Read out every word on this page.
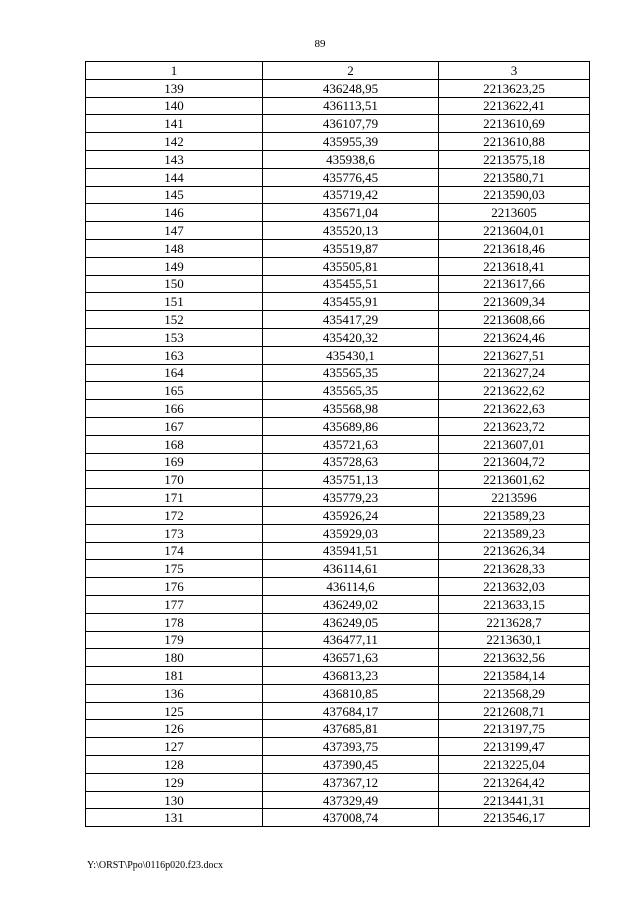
89
1	2	3
139	436248,95	2213623,25
140	436113,51	2213622,41
141	436107,79	2213610,69
142	435955,39	2213610,88
143	435938,6	2213575,18
144	435776,45	2213580,71
145	435719,42	2213590,03
146	435671,04	2213605
147	435520,13	2213604,01
148	435519,87	2213618,46
149	435505,81	2213618,41
150	435455,51	2213617,66
151	435455,91	2213609,34
152	435417,29	2213608,66
153	435420,32	2213624,46
163	435430,1	2213627,51
164	435565,35	2213627,24
165	435565,35	2213622,62
166	435568,98	2213622,63
167	435689,86	2213623,72
168	435721,63	2213607,01
169	435728,63	2213604,72
170	435751,13	2213601,62
171	435779,23	2213596
172	435926,24	2213589,23
173	435929,03	2213589,23
174	435941,51	2213626,34
175	436114,61	2213628,33
176	436114,6	2213632,03
177	436249,02	2213633,15
178	436249,05	2213628,7
179	436477,11	2213630,1
180	436571,63	2213632,56
181	436813,23	2213584,14
136	436810,85	2213568,29
125	437684,17	2212608,71
126	437685,81	2213197,75
127	437393,75	2213199,47
128	437390,45	2213225,04
129	437367,12	2213264,42
130	437329,49	2213441,31
131	437008,74	2213546,17
Y:\ORST\Ppo\0116p020.f23.docx
